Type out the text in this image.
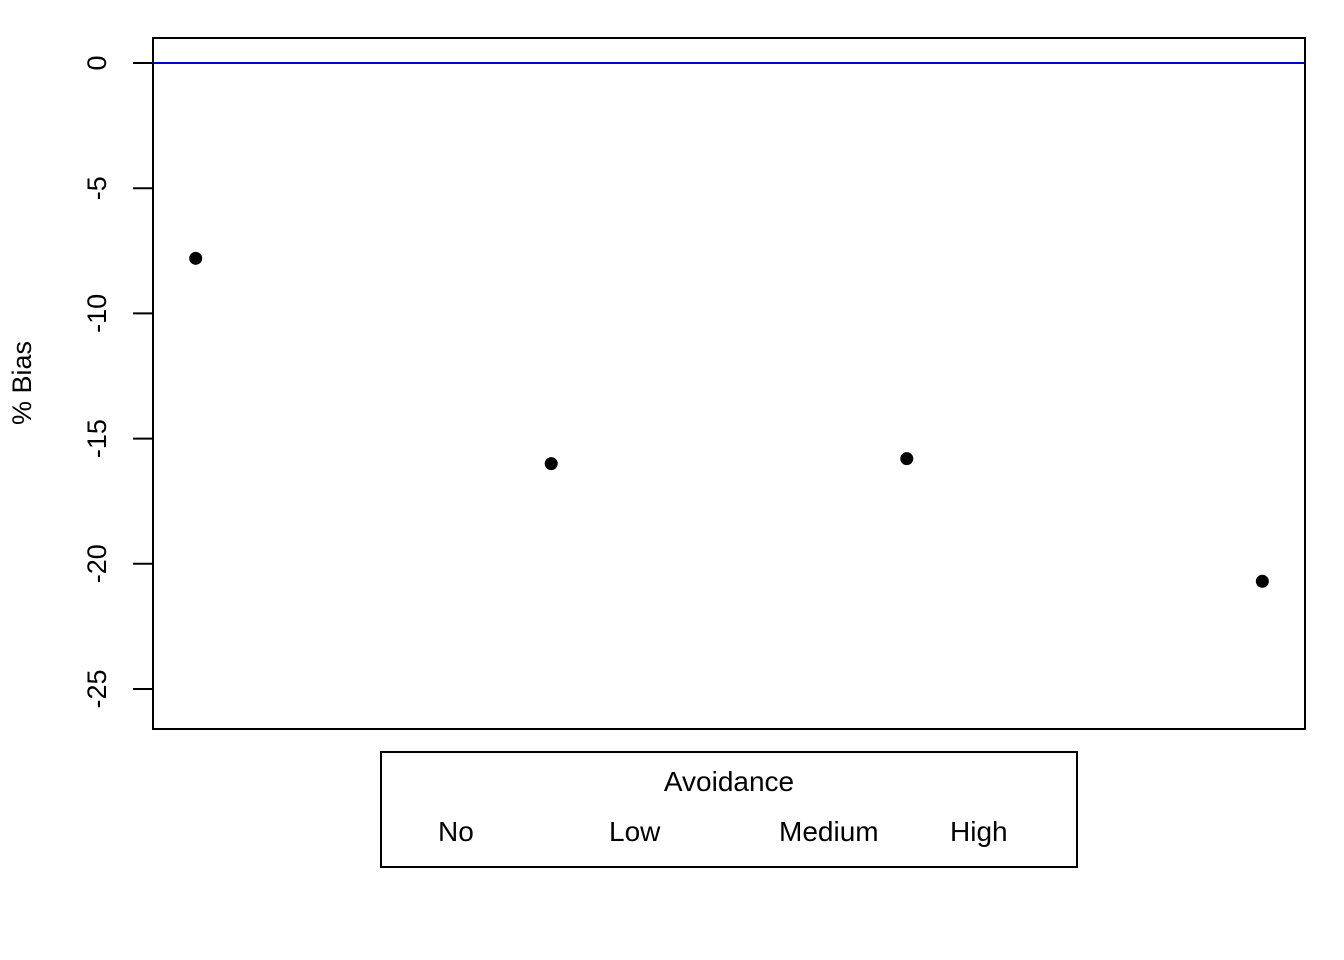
0
-5
-10
-15
-20
-25
% Bias
Avoidance
No	Low	Medium	High
